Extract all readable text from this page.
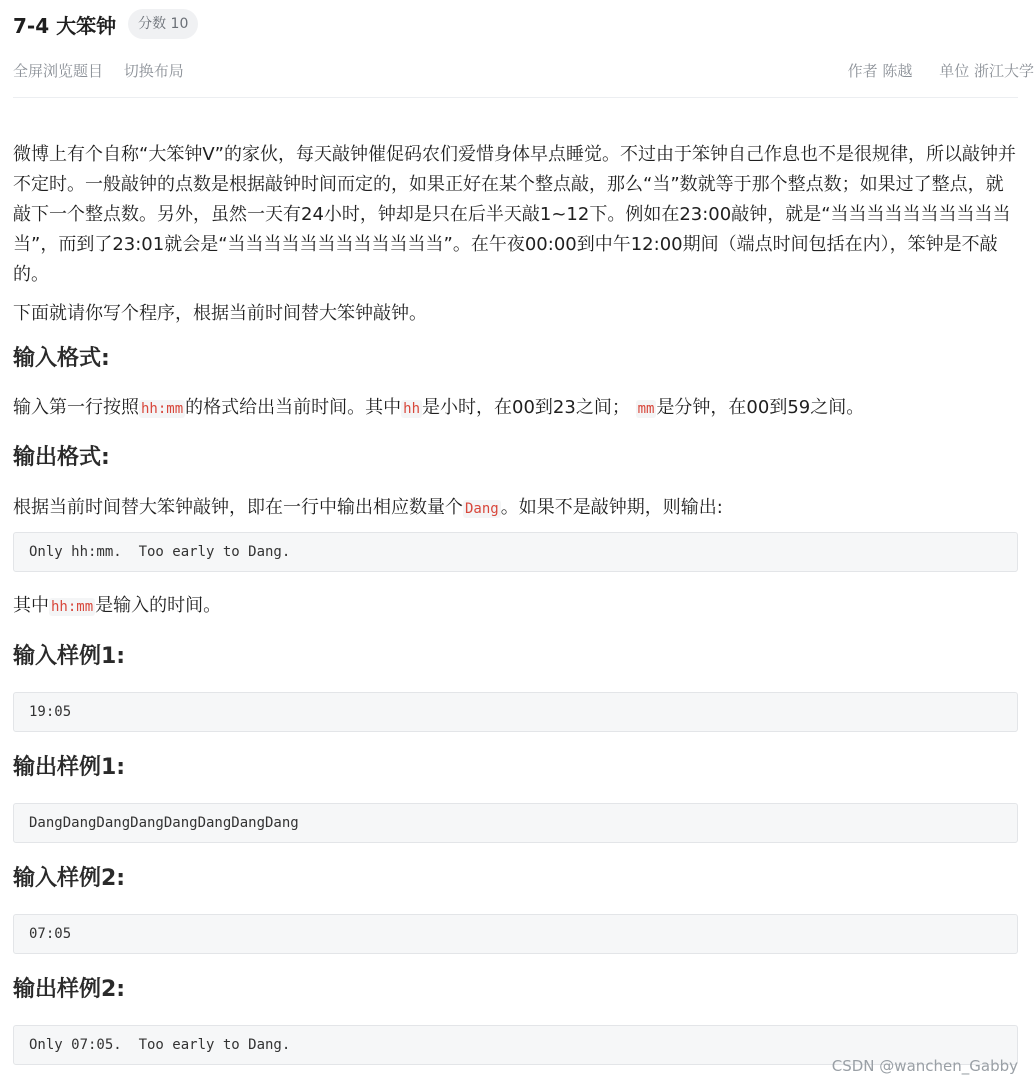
7-4 大笨钟	分数 10
全屏浏览题目 切换布局	作者 陈越 单位 浙江大学

微博上有个自称“大笨钟V”的家伙，每天敲钟催促码农们爱惜身体早点睡觉。不过由于笨钟自己作息也不是很规律，所以敲钟并不定时。一般敲钟的点数是根据敲钟时间而定的，如果正好在某个整点敲，那么“当”数就等于那个整点数；如果过了整点，就敲下一个整点数。另外，虽然一天有24小时，钟却是只在后半天敲1~12下。例如在23:00敲钟，就是“当当当当当当当当当当当”，而到了23:01就会是“当当当当当当当当当当当当”。在午夜00:00到中午12:00期间（端点时间包括在内），笨钟是不敲的。

下面就请你写个程序，根据当前时间替大笨钟敲钟。

输入格式:

输入第一行按照 hh:mm 的格式给出当前时间。其中 hh 是小时，在00到23之间； mm 是分钟，在00到59之间。

输出格式:

根据当前时间替大笨钟敲钟，即在一行中输出相应数量个 Dang 。如果不是敲钟期，则输出:

Only hh:mm.  Too early to Dang.

其中 hh:mm 是输入的时间。

输入样例1:
19:05
输出样例1:
DangDangDangDangDangDangDangDang
输入样例2:
07:05
输出样例2:
Only 07:05.  Too early to Dang.
CSDN @wanchen_Gabby
